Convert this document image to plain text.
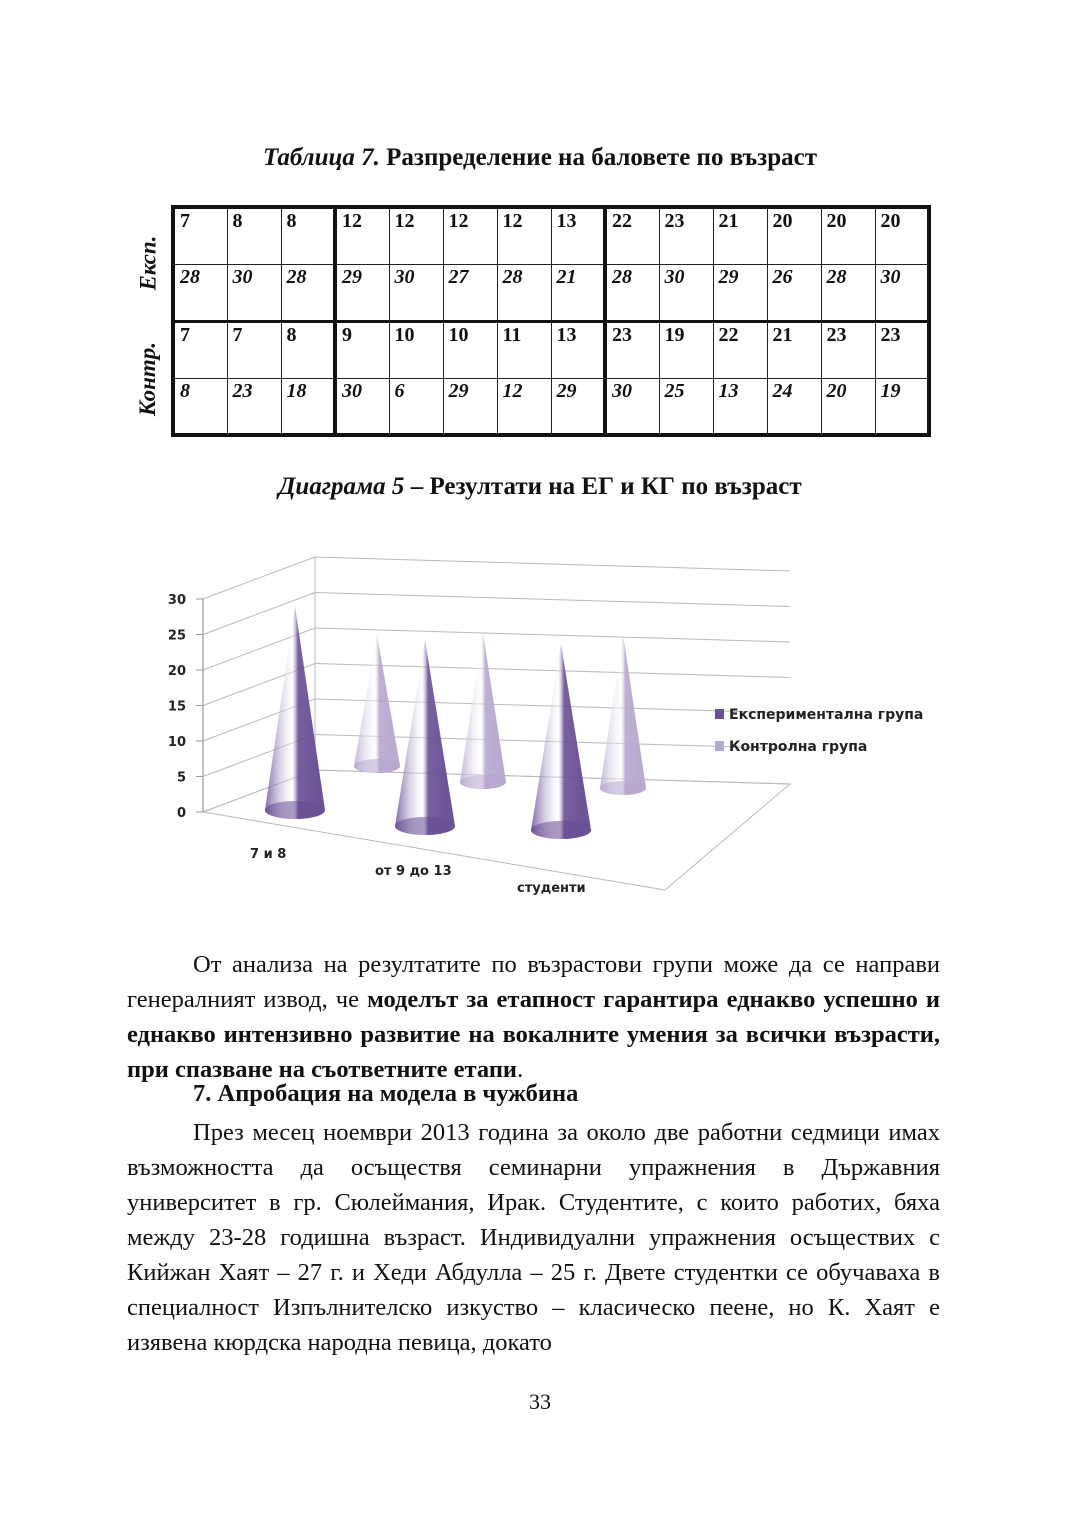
Таблица 7. Разпределение на баловете по възраст
Експ.
Контр.
7	8	8	12	12	12	12	13	22	23	21	20	20	20
28	30	28	29	30	27	28	21	28	30	29	26	28	30
7	7	8	9	10	10	11	13	23	19	22	21	23	23
8	23	18	30	6	29	12	29	30	25	13	24	20	19
Диаграма 5 – Резултати на ЕГ и КГ по възраст
0
5
10
15
20
25
30
7 и 8
от 9 до 13
студенти
Експериментална група
Контролна група

От анализа на резултатите по възрастови групи може да се направи генералният извод, че моделът за етапност гарантира еднакво успешно и еднакво интензивно развитие на вокалните умения за всички възрасти, при спазване на съответните етапи.

7. Апробация на модела в чужбина

През месец ноември 2013 година за около две работни седмици имах възможността да осъществя семинарни упражнения в Държавния университет в гр. Сюлеймания, Ирак. Студентите, с които работих, бяха между 23-28 годишна възраст. Индивидуални упражнения осъществих с Кийжан Хаят – 27 г. и Хеди Абдулла – 25 г. Двете студентки се обучаваха в специалност Изпълнителско изкуство – класическо пеене, но К. Хаят е изявена кюрдска народна певица, докато

33
